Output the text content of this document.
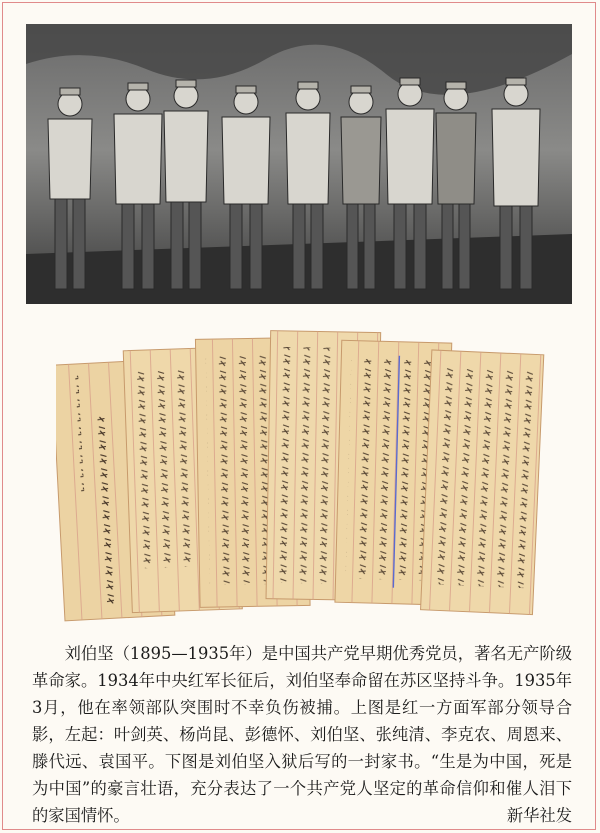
刘伯坚（1895—1935年）是中国共产党早期优秀党员，著名无产阶级革命家。1934年中央红军长征后，刘伯坚奉命留在苏区坚持斗争。1935年3月，他在率领部队突围时不幸负伤被捕。上图是红一方面军部分领导合影，左起：叶剑英、杨尚昆、彭德怀、刘伯坚、张纯清、李克农、周恩来、滕代远、袁国平。下图是刘伯坚入狱后写的一封家书。“生是为中国，死是为中国”的豪言壮语，充分表达了一个共产党人坚定的革命信仰和催人泪下的家国情怀。	新华社发
